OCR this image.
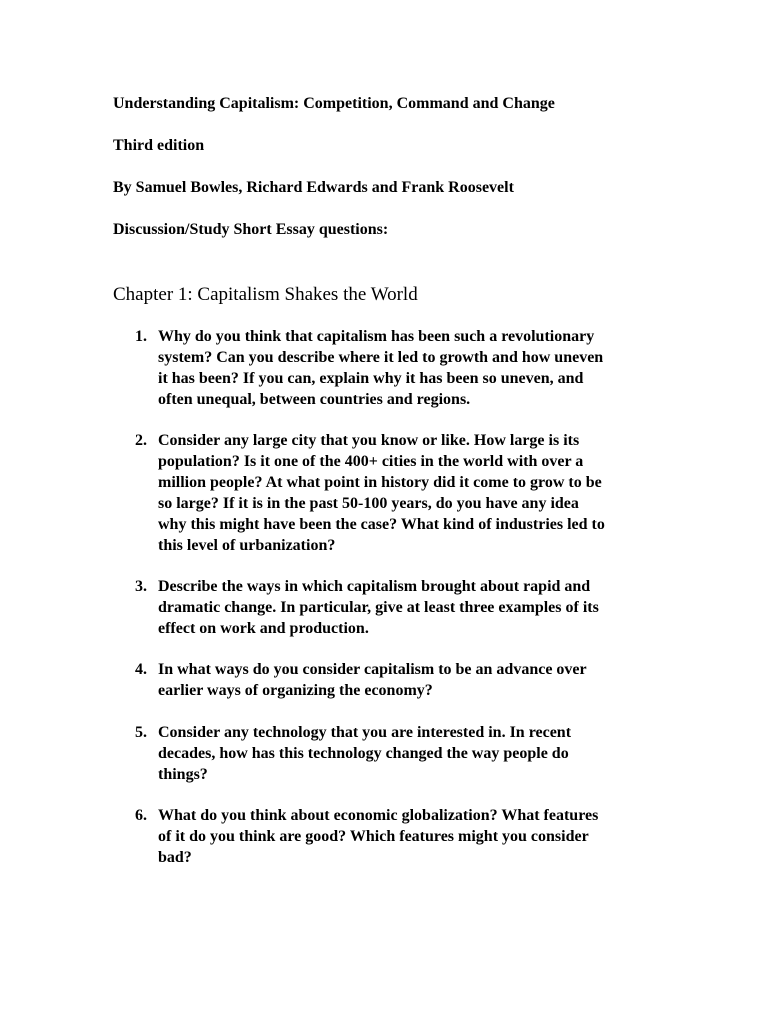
Understanding Capitalism: Competition, Command and Change
Third edition
By Samuel Bowles, Richard Edwards and Frank Roosevelt
Discussion/Study Short Essay questions:
Chapter 1: Capitalism Shakes the World
1. Why do you think that capitalism has been such a revolutionary
system? Can you describe where it led to growth and how uneven
it has been? If you can, explain why it has been so uneven, and
often unequal, between countries and regions.
2. Consider any large city that you know or like. How large is its
population? Is it one of the 400+ cities in the world with over a
million people? At what point in history did it come to grow to be
so large? If it is in the past 50-100 years, do you have any idea
why this might have been the case? What kind of industries led to
this level of urbanization?
3. Describe the ways in which capitalism brought about rapid and
dramatic change. In particular, give at least three examples of its
effect on work and production.
4. In what ways do you consider capitalism to be an advance over
earlier ways of organizing the economy?
5. Consider any technology that you are interested in. In recent
decades, how has this technology changed the way people do
things?
6. What do you think about economic globalization? What features
of it do you think are good? Which features might you consider
bad?
